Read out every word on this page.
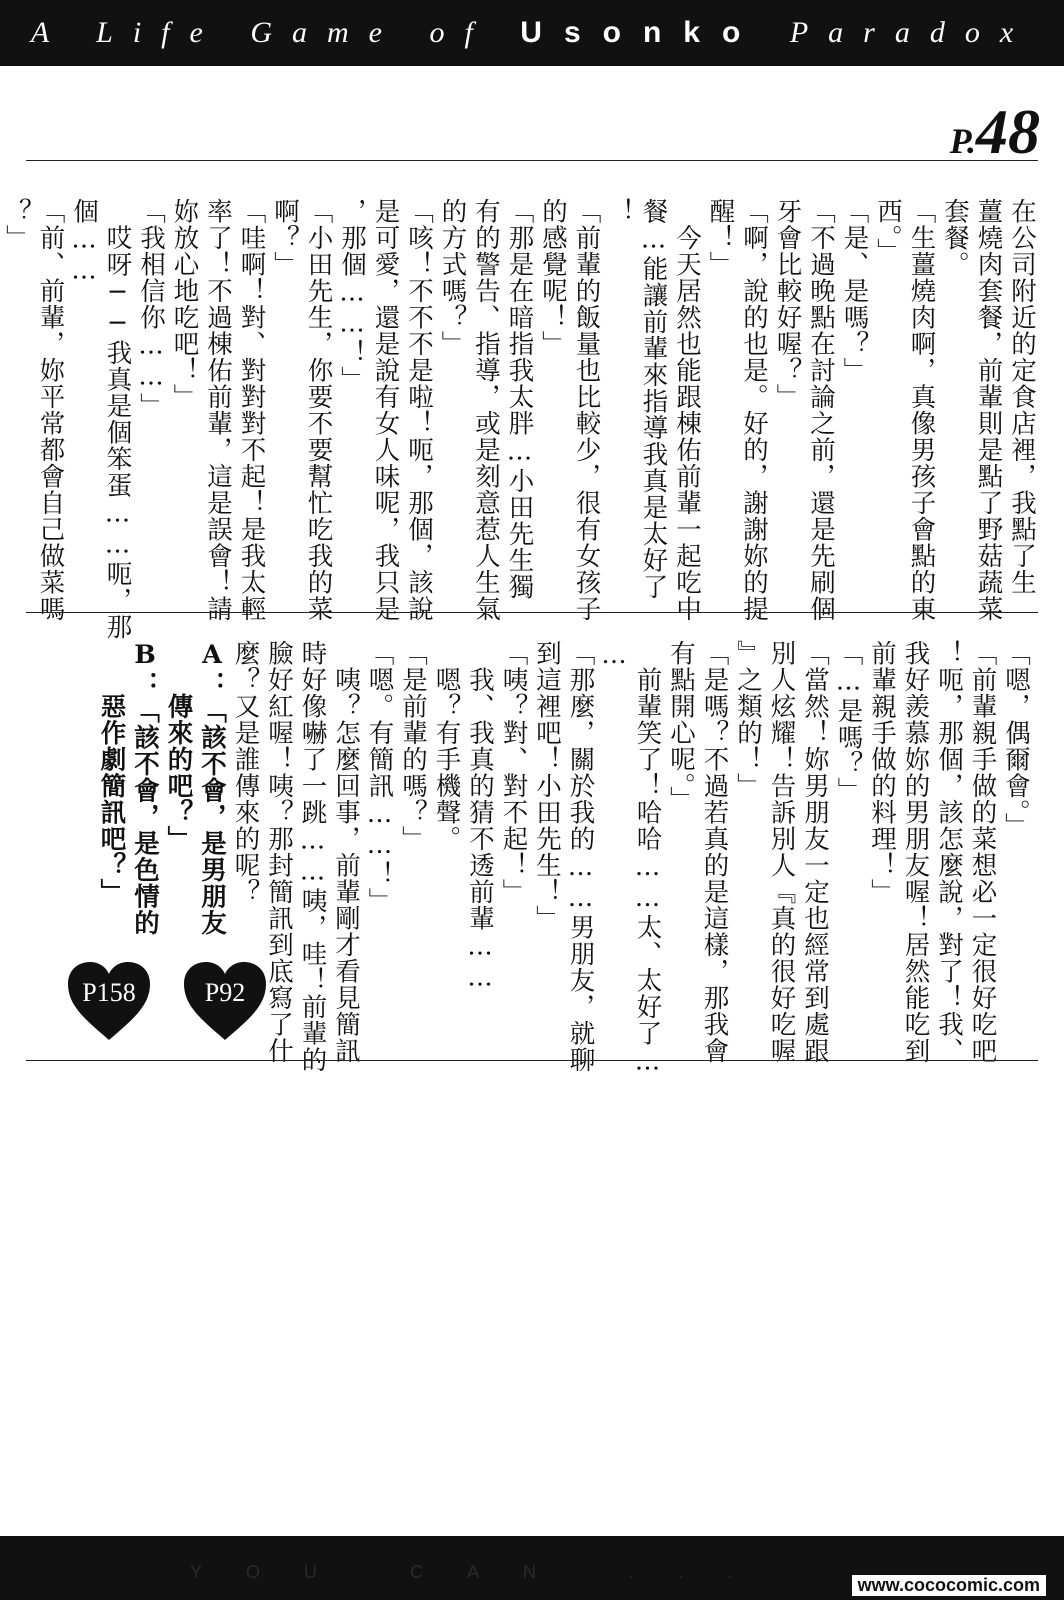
A Life Game of Usonko Paradox
P.48
在公司附近的定食店裡，我點了生
薑燒肉套餐，前輩則是點了野菇蔬菜
套餐。
「生薑燒肉啊，真像男孩子會點的東
西。」
「是、是嗎？」
「不過晚點在討論之前，還是先刷個
牙會比較好喔？」
「啊，說的也是。好的，謝謝妳的提
醒！」
　今天居然也能跟棟佑前輩一起吃中
餐…能讓前輩來指導我真是太好了
！
「前輩的飯量也比較少，很有女孩子
的感覺呢！」
「那是在暗指我太胖…小田先生獨
有的警告、指導，或是刻意惹人生氣
的方式嗎？」
「咳！不不不是啦！呃，那個，該說
是可愛，還是說有女人味呢，我只是
，那個……！」
「小田先生，你要不要幫忙吃我的菜
啊？」
「哇啊！對、對對對不起！是我太輕
率了！不過棟佑前輩，這是誤會！請
妳放心地吃吧！」
「我相信你……」
　哎呀──我真是個笨蛋……呃，那
個……
「前、前輩，妳平常都會自己做菜嗎
？」
「嗯，偶爾會。」
「前輩親手做的菜想必一定很好吃吧
！呃，那個，該怎麼說，對了！我、
我好羨慕妳的男朋友喔！居然能吃到
前輩親手做的料理！」
「…是嗎？」
「當然！妳男朋友一定也經常到處跟
別人炫耀！告訴別人『真的很好吃喔
』之類的！」
「是嗎？不過若真的是這樣，那我會
有點開心呢。」
　前輩笑了！哈哈……太、太好了…
…
「那麼，關於我的……男朋友，就聊
到這裡吧！小田先生！」
「咦？對、對不起！」
　我、我真的猜不透前輩……
　嗯？有手機聲。
「是前輩的嗎？」
「嗯。有簡訊……！」
　咦？怎麼回事，前輩剛才看見簡訊
時好像嚇了一跳……咦，哇！前輩的
臉好紅喔！咦？那封簡訊到底寫了什
麼？又是誰傳來的呢？
A：「該不會，是男朋友
　　傳來的吧？」
B：「該不會，是色情的
　　惡作劇簡訊吧？」
P92
P158
YOU CAN ...
www.cococomic.com
